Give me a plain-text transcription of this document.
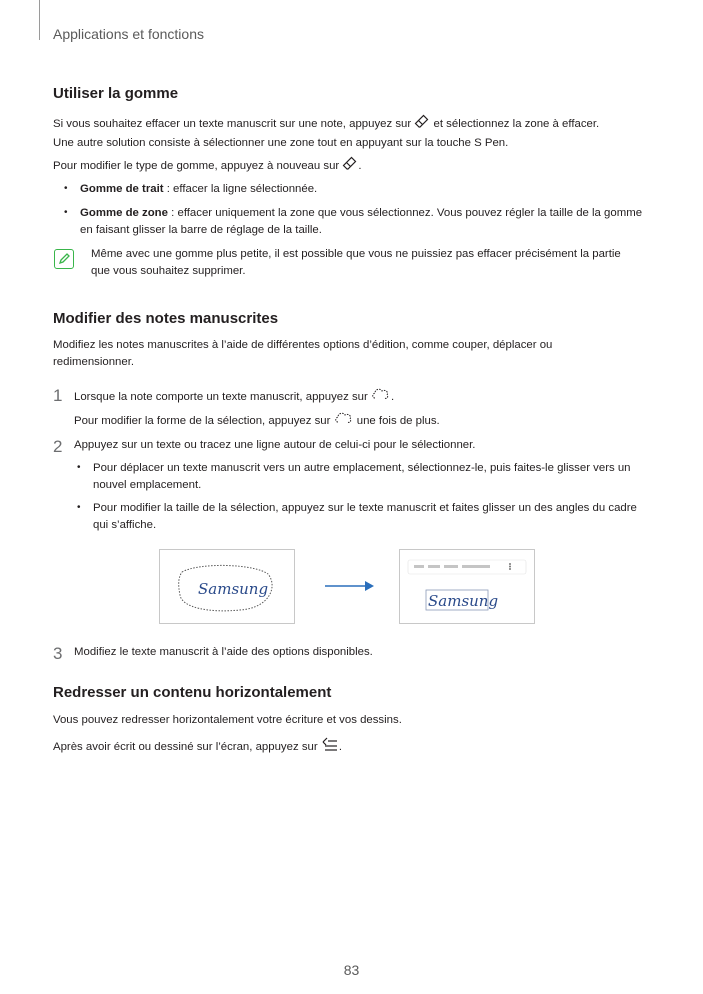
Applications et fonctions
Utiliser la gomme
Si vous souhaitez effacer un texte manuscrit sur une note, appuyez sur et sélectionnez la zone à effacer.
Une autre solution consiste à sélectionner une zone tout en appuyant sur la touche S Pen.
Pour modifier le type de gomme, appuyez à nouveau sur .
• Gomme de trait : effacer la ligne sélectionnée.
• Gomme de zone : effacer uniquement la zone que vous sélectionnez. Vous pouvez régler la taille de la gomme en faisant glisser la barre de réglage de la taille.
Même avec une gomme plus petite, il est possible que vous ne puissiez pas effacer précisément la partie que vous souhaitez supprimer.
Modifier des notes manuscrites
Modifiez les notes manuscrites à l’aide de différentes options d’édition, comme couper, déplacer ou redimensionner.
1 Lorsque la note comporte un texte manuscrit, appuyez sur .
Pour modifier la forme de la sélection, appuyez sur une fois de plus.
2 Appuyez sur un texte ou tracez une ligne autour de celui-ci pour le sélectionner.
• Pour déplacer un texte manuscrit vers un autre emplacement, sélectionnez-le, puis faites-le glisser vers un nouvel emplacement.
• Pour modifier la taille de la sélection, appuyez sur le texte manuscrit et faites glisser un des angles du cadre qui s’affiche.
Samsung
Samsung
3 Modifiez le texte manuscrit à l’aide des options disponibles.
Redresser un contenu horizontalement
Vous pouvez redresser horizontalement votre écriture et vos dessins.
Après avoir écrit ou dessiné sur l’écran, appuyez sur .
83
